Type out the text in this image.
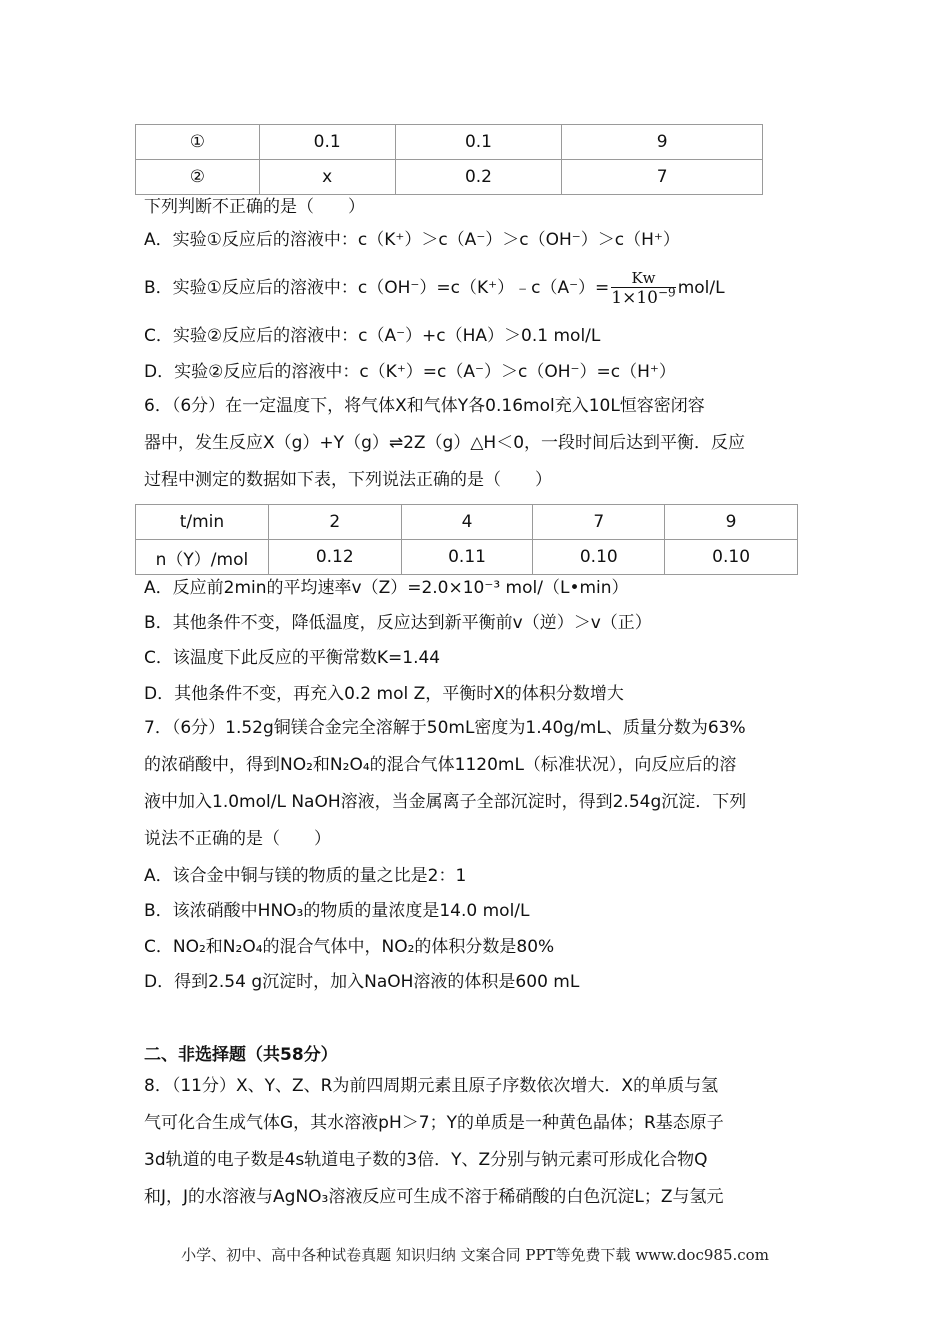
①	0.1	0.1	9
②	x	0.2	7
下列判断不正确的是（　　）
A．实验①反应后的溶液中：c（K⁺）＞c（A⁻）＞c（OH⁻）＞c（H⁺）
B．实验①反应后的溶液中：c（OH⁻）=c（K⁺）﹣c（A⁻）= $\frac{Kw}{1\times 10^{-9}} mol/L$
C．实验②反应后的溶液中：c（A⁻）+c（HA）＞0.1 mol/L
D．实验②反应后的溶液中：c（K⁺）=c（A⁻）＞c（OH⁻）=c（H⁺）
6．（6分）在一定温度下，将气体X和气体Y各0.16mol充入10L恒容密闭容
器中，发生反应X（g）+Y（g）⇌2Z（g）△H＜0，一段时间后达到平衡．反应
过程中测定的数据如下表，下列说法正确的是（　　）
t/min	2	4	7	9
n（Y）/mol	0.12	0.11	0.10	0.10
A．反应前2min的平均速率v（Z）=2.0×10⁻³ mol/（L•min）
B．其他条件不变，降低温度，反应达到新平衡前v（逆）＞v（正）
C．该温度下此反应的平衡常数K=1.44
D．其他条件不变，再充入0.2 mol Z，平衡时X的体积分数增大
7．（6分）1.52g铜镁合金完全溶解于50mL密度为1.40g/mL、质量分数为63%
的浓硝酸中，得到NO₂和N₂O₄的混合气体1120mL（标准状况），向反应后的溶
液中加入1.0mol/L NaOH溶液，当金属离子全部沉淀时，得到2.54g沉淀．下列
说法不正确的是（　　）
A．该合金中铜与镁的物质的量之比是2：1
B．该浓硝酸中HNO₃的物质的量浓度是14.0 mol/L
C．NO₂和N₂O₄的混合气体中，NO₂的体积分数是80%
D．得到2.54 g沉淀时，加入NaOH溶液的体积是600 mL
二、非选择题（共58分）
8．（11分）X、Y、Z、R为前四周期元素且原子序数依次增大．X的单质与氢
气可化合生成气体G，其水溶液pH＞7；Y的单质是一种黄色晶体；R基态原子
3d轨道的电子数是4s轨道电子数的3倍．Y、Z分别与钠元素可形成化合物Q
和J，J的水溶液与AgNO₃溶液反应可生成不溶于稀硝酸的白色沉淀L；Z与氢元
小学、初中、高中各种试卷真题 知识归纳 文案合同 PPT等免费下载 www.doc985.com
